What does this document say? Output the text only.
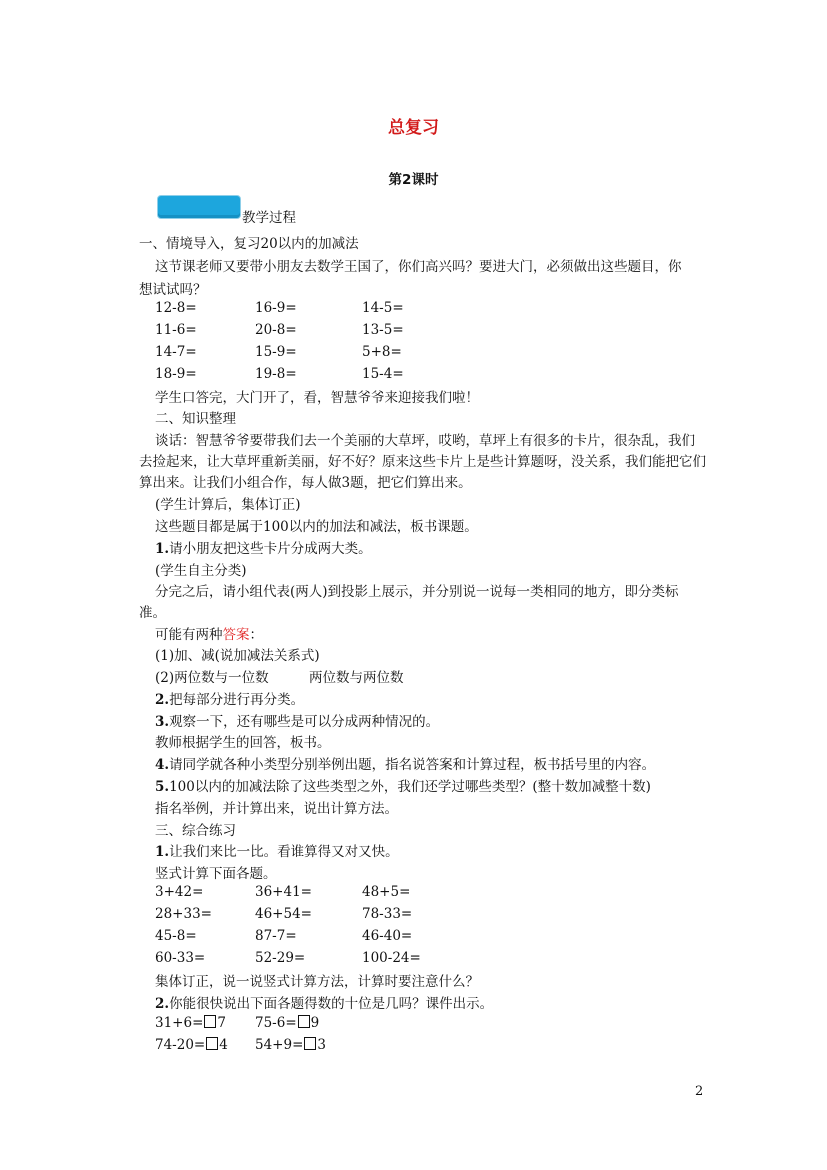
总复习
第2课时
教学过程
一、情境导入，复习20以内的加减法
这节课老师又要带小朋友去数学王国了，你们高兴吗？要进大门，必须做出这些题目，你
想试试吗？
12-8=	16-9=	14-5=
11-6=	20-8=	13-5=
14-7=	15-9=	5+8=
18-9=	19-8=	15-4=
学生口答完，大门开了，看，智慧爷爷来迎接我们啦！
二、知识整理
谈话：智慧爷爷要带我们去一个美丽的大草坪，哎哟，草坪上有很多的卡片，很杂乱，我们
去捡起来，让大草坪重新美丽，好不好？原来这些卡片上是些计算题呀，没关系，我们能把它们
算出来。让我们小组合作，每人做3题，把它们算出来。
(学生计算后，集体订正)
这些题目都是属于100以内的加法和减法，板书课题。
1.请小朋友把这些卡片分成两大类。
(学生自主分类)
分完之后，请小组代表(两人)到投影上展示，并分别说一说每一类相同的地方，即分类标
准。
可能有两种答案：
(1)加、减(说加减法关系式)
(2)两位数与一位数	两位数与两位数
2.把每部分进行再分类。
3.观察一下，还有哪些是可以分成两种情况的。
教师根据学生的回答，板书。
4.请同学就各种小类型分别举例出题，指名说答案和计算过程，板书括号里的内容。
5.100以内的加减法除了这些类型之外，我们还学过哪些类型？(整十数加减整十数)
指名举例，并计算出来，说出计算方法。
三、综合练习
1.让我们来比一比。看谁算得又对又快。
竖式计算下面各题。
3+42=	36+41=	48+5=
28+33=	46+54=	78-33=
45-8=	87-7=	46-40=
60-33=	52-29=	100-24=
集体订正，说一说竖式计算方法，计算时要注意什么？
2.你能很快说出下面各题得数的十位是几吗？课件出示。
31+6= 7 75-6= 9
74-20= 4 54+9= 3
2
